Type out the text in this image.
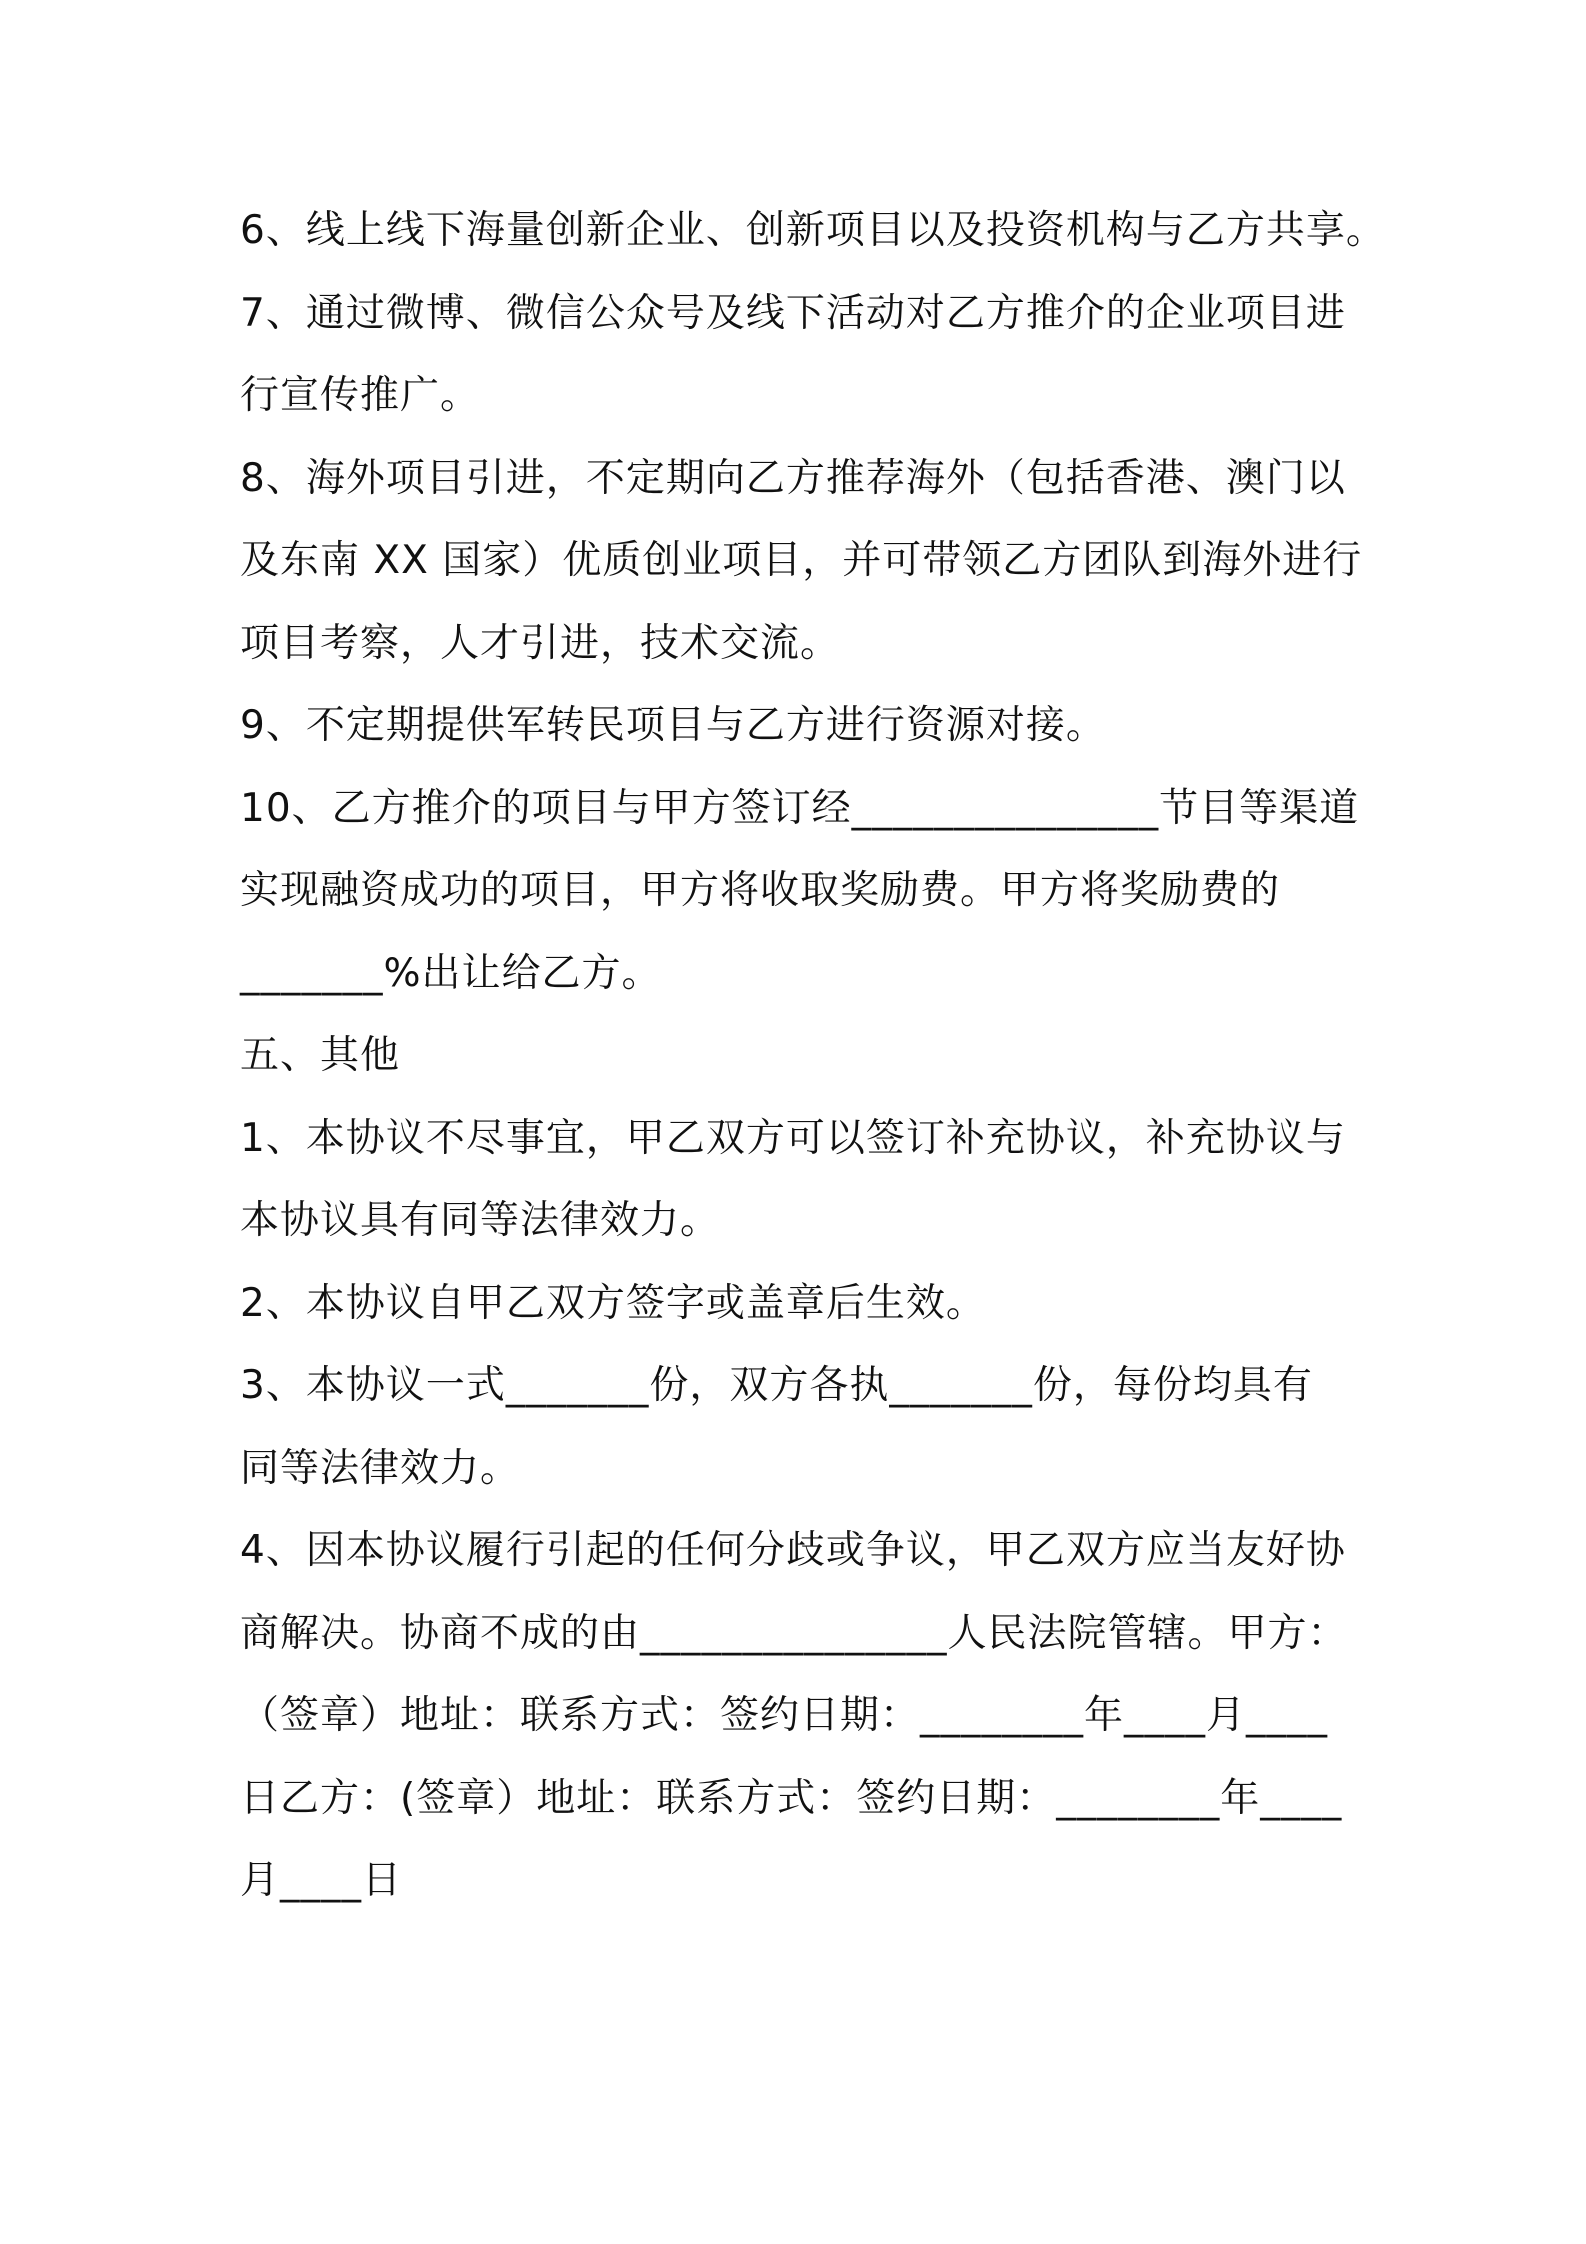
6、线上线下海量创新企业、创新项目以及投资机构与乙方共享。
7、通过微博、微信公众号及线下活动对乙方推介的企业项目进
行宣传推广。
8、海外项目引进，不定期向乙方推荐海外（包括香港、澳门以
及东南 XX 国家）优质创业项目，并可带领乙方团队到海外进行
项目考察，人才引进，技术交流。
9、不定期提供军转民项目与乙方进行资源对接。
10、乙方推介的项目与甲方签订经_______________节目等渠道
实现融资成功的项目，甲方将收取奖励费。甲方将奖励费的
_______%出让给乙方。
五、其他
1、本协议不尽事宜，甲乙双方可以签订补充协议，补充协议与
本协议具有同等法律效力。
2、本协议自甲乙双方签字或盖章后生效。
3、本协议一式_______份，双方各执_______份，每份均具有
同等法律效力。
4、因本协议履行引起的任何分歧或争议，甲乙双方应当友好协
商解决。协商不成的由_______________人民法院管辖。甲方：
（签章）地址：联系方式：签约日期：________年____月____
日乙方：(签章）地址：联系方式：签约日期：________年____
月____日
